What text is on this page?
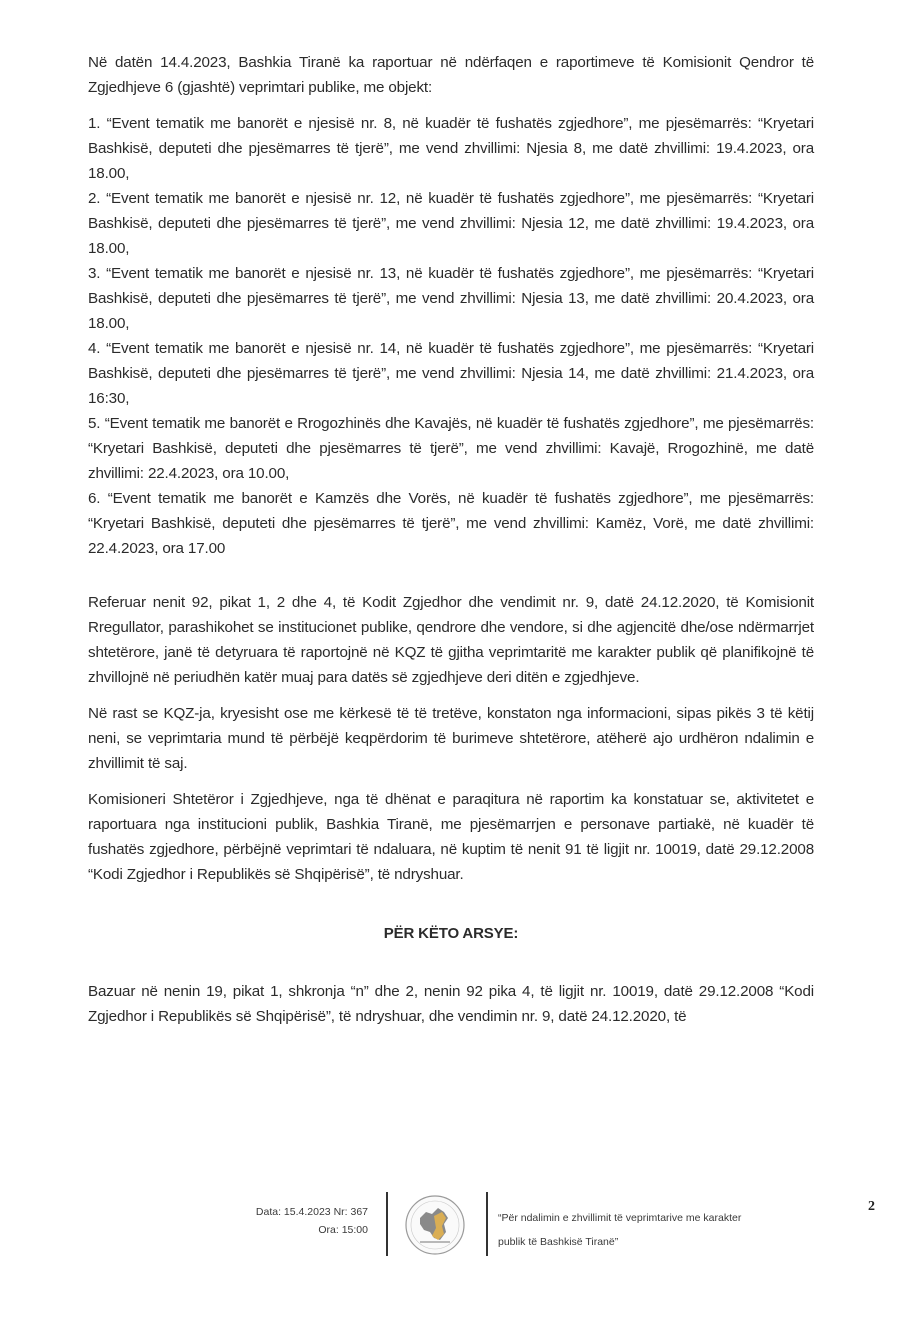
Në datën 14.4.2023, Bashkia Tiranë ka raportuar në ndërfaqen e raportimeve të Komisionit Qendror të Zgjedhjeve 6 (gjashtë) veprimtari publike, me objekt:

1. “Event tematik me banorët e njesisë nr. 8, në kuadër të fushatës zgjedhore”, me pjesëmarrës: “Kryetari Bashkisë, deputeti dhe pjesëmarres të tjerë”, me vend zhvillimi: Njesia 8, me datë zhvillimi: 19.4.2023, ora 18.00,

2. “Event tematik me banorët e njesisë nr. 12, në kuadër të fushatës zgjedhore”, me pjesëmarrës: “Kryetari Bashkisë, deputeti dhe pjesëmarres të tjerë”, me vend zhvillimi: Njesia 12, me datë zhvillimi: 19.4.2023, ora 18.00,

3. “Event tematik me banorët e njesisë nr. 13, në kuadër të fushatës zgjedhore”, me pjesëmarrës: “Kryetari Bashkisë, deputeti dhe pjesëmarres të tjerë”, me vend zhvillimi: Njesia 13, me datë zhvillimi: 20.4.2023, ora 18.00,

4. “Event tematik me banorët e njesisë nr. 14, në kuadër të fushatës zgjedhore”, me pjesëmarrës: “Kryetari Bashkisë, deputeti dhe pjesëmarres të tjerë”, me vend zhvillimi: Njesia 14, me datë zhvillimi: 21.4.2023, ora 16:30,

5. “Event tematik me banorët e Rrogozhinës dhe Kavajës, në kuadër të fushatës zgjedhore”, me pjesëmarrës: “Kryetari Bashkisë, deputeti dhe pjesëmarres të tjerë”, me vend zhvillimi: Kavajë, Rrogozhinë, me datë zhvillimi: 22.4.2023, ora 10.00,

6. “Event tematik me banorët e Kamzës dhe Vorës, në kuadër të fushatës zgjedhore”, me pjesëmarrës: “Kryetari Bashkisë, deputeti dhe pjesëmarres të tjerë”, me vend zhvillimi: Kamëz, Vorë, me datë zhvillimi: 22.4.2023, ora 17.00

Referuar nenit 92, pikat 1, 2 dhe 4, të Kodit Zgjedhor dhe vendimit nr. 9, datë 24.12.2020, të Komisionit Rregullator, parashikohet se institucionet publike, qendrore dhe vendore, si dhe agjencitë dhe/ose ndërmarrjet shtetërore, janë të detyruara të raportojnë në KQZ të gjitha veprimtaritë me karakter publik që planifikojnë të zhvillojnë në periudhën katër muaj para datës së zgjedhjeve deri ditën e zgjedhjeve.

Në rast se KQZ-ja, kryesisht ose me kërkesë të të tretëve, konstaton nga informacioni, sipas pikës 3 të këtij neni, se veprimtaria mund të përbëjë keqpërdorim të burimeve shtetërore, atëherë ajo urdhëron ndalimin e zhvillimit të saj.

Komisioneri Shtetëror i Zgjedhjeve, nga të dhënat e paraqitura në raportim ka konstatuar se, aktivitetet e raportuara nga institucioni publik, Bashkia Tiranë, me pjesëmarrjen e personave partiakë, në kuadër të fushatës zgjedhore, përbëjnë veprimtari të ndaluara, në kuptim të nenit 91 të ligjit nr. 10019, datë 29.12.2008 “Kodi Zgjedhor i Republikës së Shqipërisë”, të ndryshuar.

PËR KËTO ARSYE:

Bazuar në nenin 19, pikat 1, shkronja “n” dhe 2, nenin 92 pika 4, të ligjit nr. 10019, datë 29.12.2008 “Kodi Zgjedhor i Republikës së Shqipërisë”, të ndryshuar, dhe vendimin nr. 9, datë 24.12.2020, të

Data: 15.4.2023 Nr: 367
Ora: 15:00
“Për ndalimin e zhvillimit të veprimtarive me karakter
publik të Bashkisë Tiranë”
2
